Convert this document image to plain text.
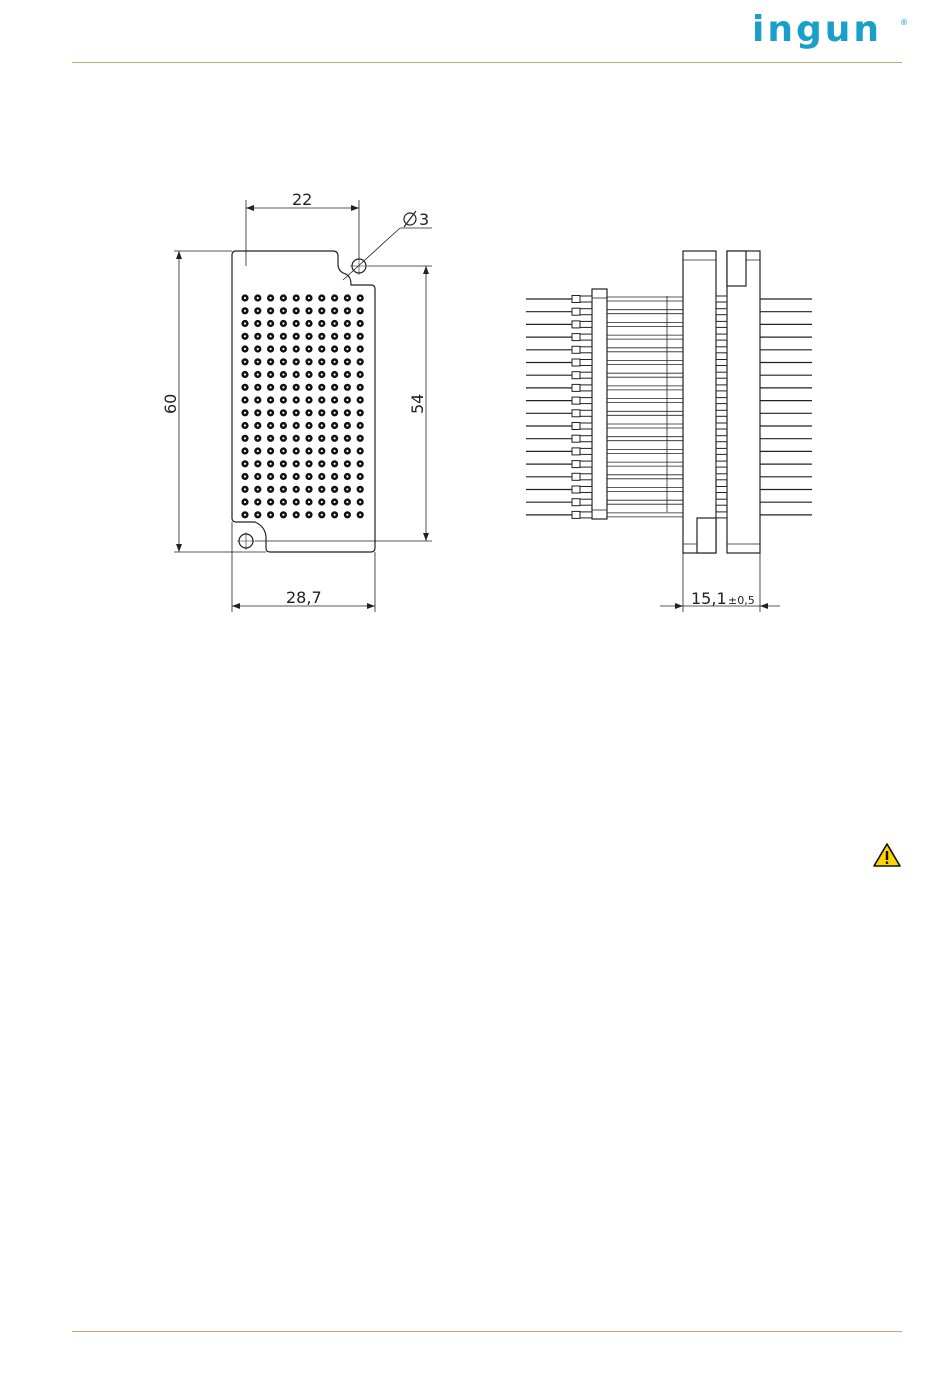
ingun ®
22
3
60	54
28,7	15,1 ±0,5
